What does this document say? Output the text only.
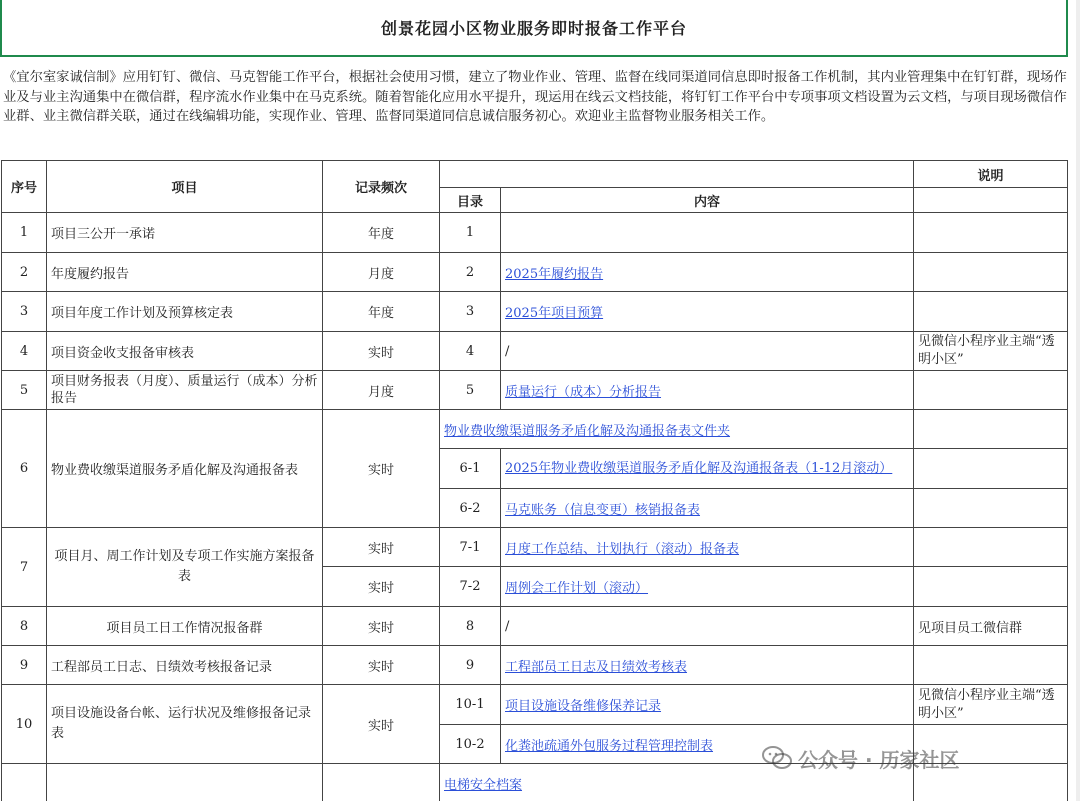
创景花园小区物业服务即时报备工作平台

《宜尔室家诚信制》应用钉钉、微信、马克智能工作平台，根据社会使用习惯，建立了物业作业、管理、监督在线同渠道同信息即时报备工作机制，其内业管理集中在钉钉群，现场作业及与业主沟通集中在微信群，程序流水作业集中在马克系统。随着智能化应用水平提升，现运用在线云文档技能，将钉钉工作平台中专项事项文档设置为云文档，与项目现场微信作业群、业主微信群关联，通过在线编辑功能，实现作业、管理、监督同渠道同信息诚信服务初心。欢迎业主监督物业服务相关工作。

序号	项目	记录频次			说明
			目录	内容	
1	项目三公开一承诺	年度	1		
2	年度履约报告	月度	2	2025年履约报告	
3	项目年度工作计划及预算核定表	年度	3	2025年项目预算	
4	项目资金收支报备审核表	实时	4	/	见微信小程序业主端“透明小区”
5	项目财务报表（月度）、质量运行（成本）分析报告	月度	5	质量运行（成本）分析报告	
6	物业费收缴渠道服务矛盾化解及沟通报备表	实时	物业费收缴渠道服务矛盾化解及沟通报备表文件夹		
			6-1	2025年物业费收缴渠道服务矛盾化解及沟通报备表（1-12月滚动）	
			6-2	马克账务（信息变更）核销报备表	
7	项目月、周工作计划及专项工作实施方案报备表	实时	7-1	月度工作总结、计划执行（滚动）报备表	
		实时	7-2	周例会工作计划（滚动）	
8	项目员工日工作情况报备群	实时	8	/	见项目员工微信群
9	工程部员工日志、日绩效考核报备记录	实时	9	工程部员工日志及日绩效考核表	
10	项目设施设备台帐、运行状况及维修报备记录表	实时	10-1	项目设施设备维修保养记录	见微信小程序业主端“透明小区”
			10-2	化粪池疏通外包服务过程管理控制表	
			电梯安全档案		
公众号 · 历家社区
